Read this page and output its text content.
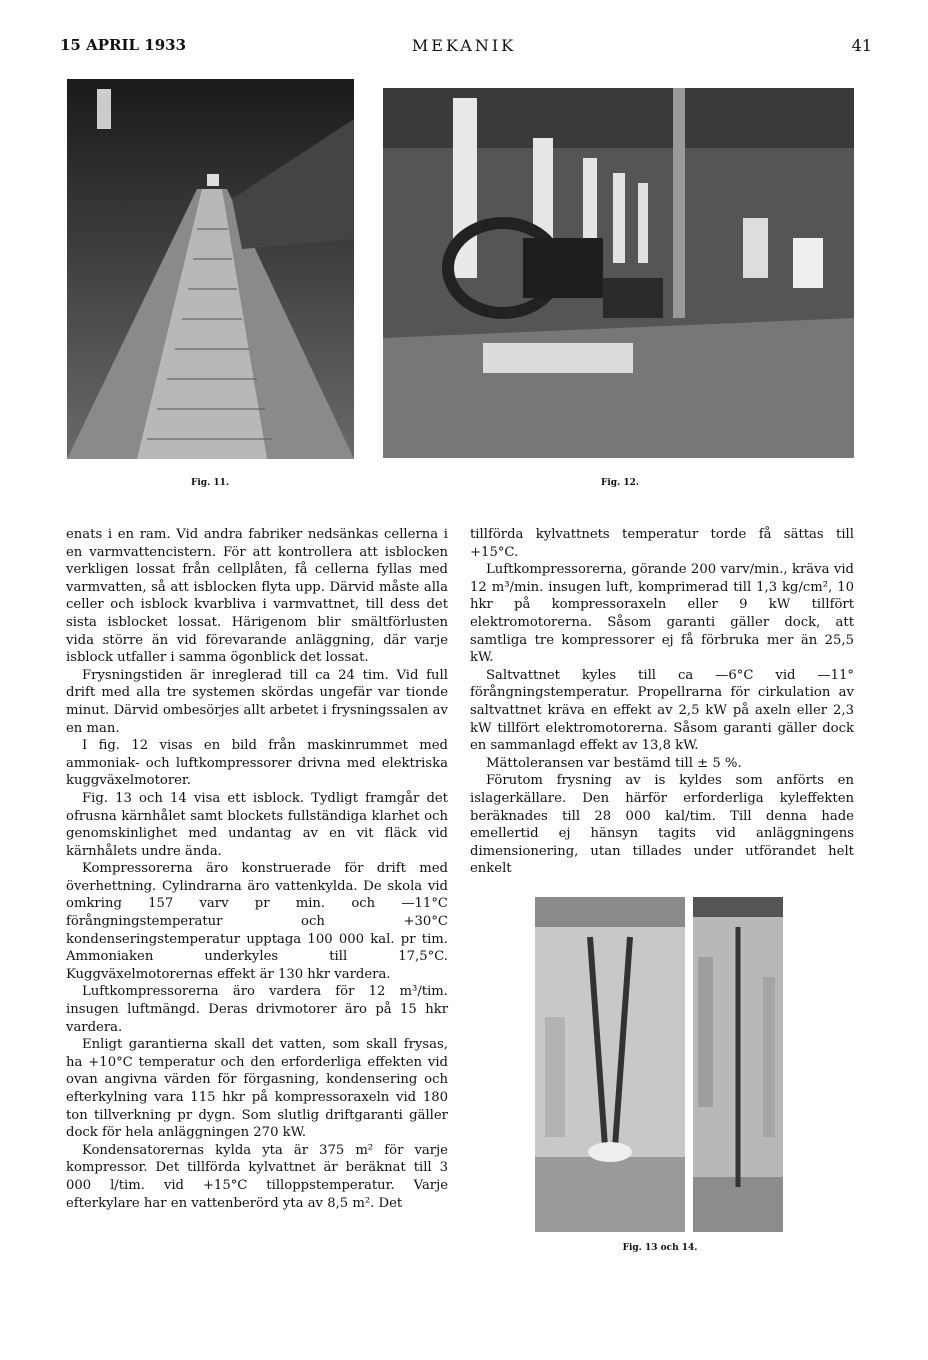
15 APRIL 1933	MEKANIK	41
Fig. 11.	Fig. 12.

enats i en ram. Vid andra fabriker nedsänkas cellerna i en varmvattencistern. För att kontrollera att isblocken verkligen lossat från cellplåten, få cellerna fyllas med varmvatten, så att isblocken flyta upp. Därvid måste alla celler och isblock kvarbliva i varmvattnet, till dess det sista isblocket lossat. Härigenom blir smältförlusten vida större än vid förevarande anläggning, där varje isblock utfaller i samma ögonblick det lossat.

Frysningstiden är inreglerad till ca 24 tim. Vid full drift med alla tre systemen skördas ungefär var tionde minut. Därvid ombesörjes allt arbetet i frysningssalen av en man.

I fig. 12 visas en bild från maskinrummet med ammoniak- och luftkompressorer drivna med elektriska kuggväxelmotorer.

Fig. 13 och 14 visa ett isblock. Tydligt framgår det ofrusna kärnhålet samt blockets fullständiga klarhet och genomskinlighet med undantag av en vit fläck vid kärnhålets undre ända.

Kompressorerna äro konstruerade för drift med överhettning. Cylindrarna äro vattenkylda. De skola vid omkring 157 varv pr min. och —11°C förångningstemperatur och +30°C kondenseringstemperatur upptaga 100 000 kal. pr tim. Ammoniaken underkyles till 17,5°C. Kuggväxelmotorernas effekt är 130 hkr vardera.

Luftkompressorerna äro vardera för 12 m³/tim. insugen luftmängd. Deras drivmotorer äro på 15 hkr vardera.

Enligt garantierna skall det vatten, som skall frysas, ha +10°C temperatur och den erforderliga effekten vid ovan angivna värden för förgasning, kondensering och efterkylning vara 115 hkr på kompressoraxeln vid 180 ton tillverkning pr dygn. Som slutlig driftgaranti gäller dock för hela anläggningen 270 kW.

Kondensatorernas kylda yta är 375 m² för varje kompressor. Det tillförda kylvattnet är beräknat till 3 000 l/tim. vid +15°C tilloppstemperatur. Varje efterkylare har en vattenberörd yta av 8,5 m². Det

tillförda kylvattnets temperatur torde få sättas till +15°C.

Luftkompressorerna, görande 200 varv/min., kräva vid 12 m³/min. insugen luft, komprimerad till 1,3 kg/cm², 10 hkr på kompressoraxeln eller 9 kW tillfört elektromotorerna. Såsom garanti gäller dock, att samtliga tre kompressorer ej få förbruka mer än 25,5 kW.

Saltvattnet kyles till ca —6°C vid —11° förångningstemperatur. Propellrarna för cirkulation av saltvattnet kräva en effekt av 2,5 kW på axeln eller 2,3 kW tillfört elektromotorerna. Såsom garanti gäller dock en sammanlagd effekt av 13,8 kW.

Mättoleransen var bestämd till ± 5 %.

Förutom frysning av is kyldes som anförts en islagerkällare. Den härför erforderliga kyleffekten beräknades till 28 000 kal/tim. Till denna hade emellertid ej hänsyn tagits vid anläggningens dimensionering, utan tillades under utförandet helt enkelt

Fig. 13 och 14.
